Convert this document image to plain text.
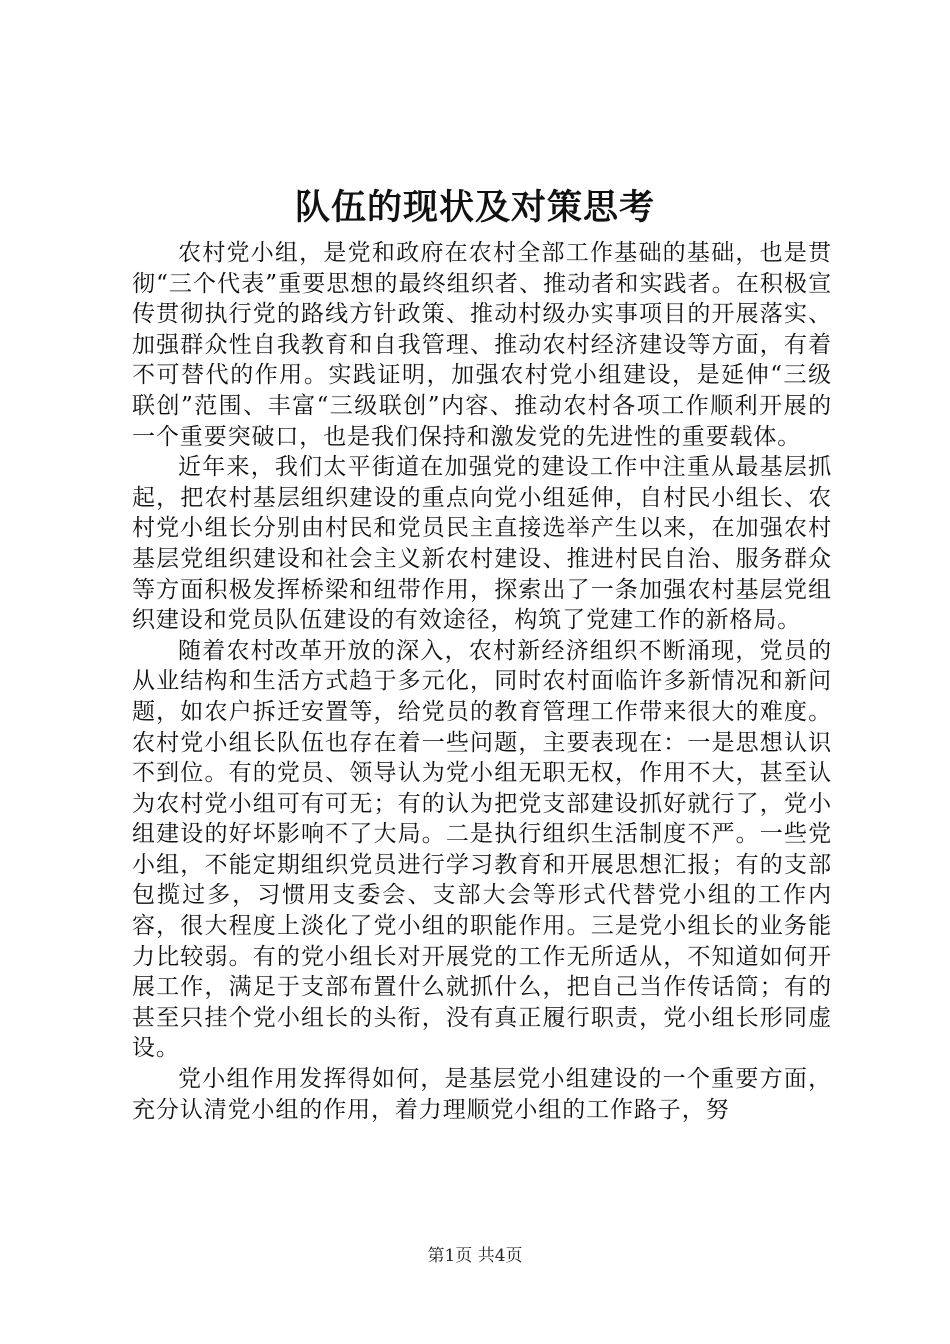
队伍的现状及对策思考

农村党小组，是党和政府在农村全部工作基础的基础，也是贯彻“三个代表”重要思想的最终组织者、推动者和实践者。在积极宣传贯彻执行党的路线方针政策、推动村级办实事项目的开展落实、加强群众性自我教育和自我管理、推动农村经济建设等方面，有着不可替代的作用。实践证明，加强农村党小组建设，是延伸“三级联创”范围、丰富“三级联创”内容、推动农村各项工作顺利开展的一个重要突破口，也是我们保持和激发党的先进性的重要载体。

近年来，我们太平街道在加强党的建设工作中注重从最基层抓起，把农村基层组织建设的重点向党小组延伸，自村民小组长、农村党小组长分别由村民和党员民主直接选举产生以来，在加强农村基层党组织建设和社会主义新农村建设、推进村民自治、服务群众等方面积极发挥桥梁和纽带作用，探索出了一条加强农村基层党组织建设和党员队伍建设的有效途径，构筑了党建工作的新格局。

随着农村改革开放的深入，农村新经济组织不断涌现，党员的从业结构和生活方式趋于多元化，同时农村面临许多新情况和新问题，如农户拆迁安置等，给党员的教育管理工作带来很大的难度。农村党小组长队伍也存在着一些问题，主要表现在：一是思想认识不到位。有的党员、领导认为党小组无职无权，作用不大，甚至认为农村党小组可有可无；有的认为把党支部建设抓好就行了，党小组建设的好坏影响不了大局。二是执行组织生活制度不严。一些党小组，不能定期组织党员进行学习教育和开展思想汇报；有的支部包揽过多，习惯用支委会、支部大会等形式代替党小组的工作内容，很大程度上淡化了党小组的职能作用。三是党小组长的业务能力比较弱。有的党小组长对开展党的工作无所适从，不知道如何开展工作，满足于支部布置什么就抓什么，把自己当作传话筒；有的甚至只挂个党小组长的头衔，没有真正履行职责，党小组长形同虚设。

党小组作用发挥得如何，是基层党小组建设的一个重要方面，充分认清党小组的作用，着力理顺党小组的工作路子，努

第1页 共4页
